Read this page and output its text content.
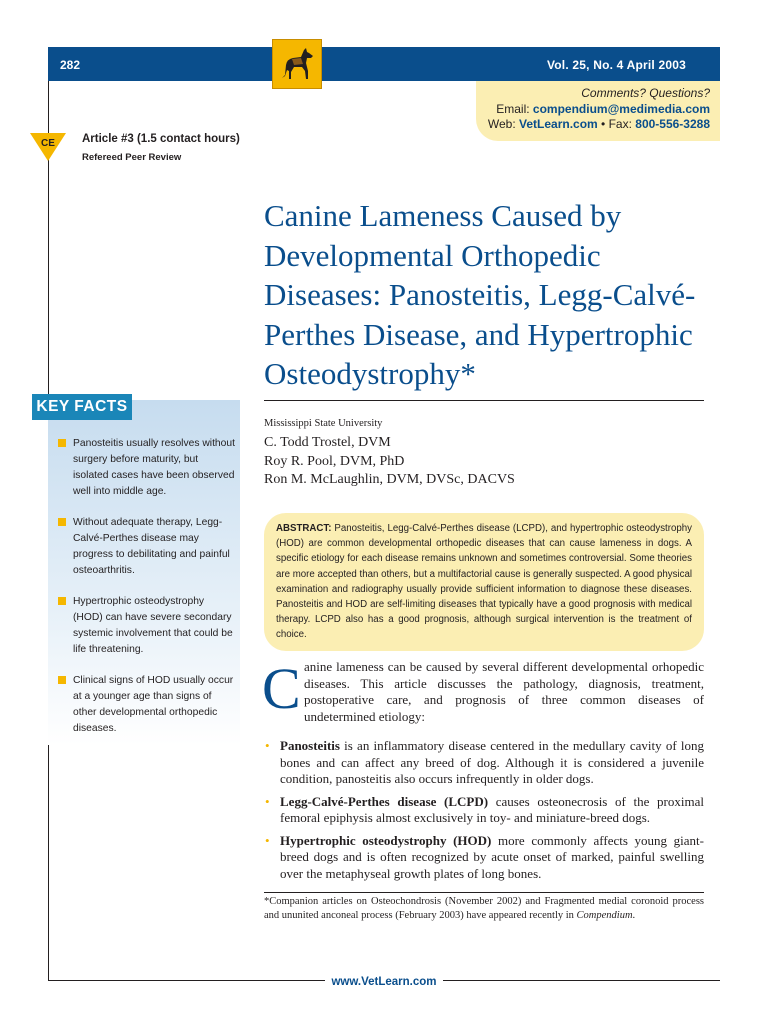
282	Vol. 25, No. 4 April 2003
Comments? Questions?
Email: compendium@medimedia.com
Web: VetLearn.com • Fax: 800-556-3288
CE	Article #3 (1.5 contact hours)
Refereed Peer Review
Canine Lameness Caused by Developmental Orthopedic Diseases: Panosteitis, Legg-Calvé-Perthes Disease, and Hypertrophic Osteodystrophy*
KEY FACTS
Panosteitis usually resolves without surgery before maturity, but isolated cases have been observed well into middle age.
Without adequate therapy, Legg-Calvé-Perthes disease may progress to debilitating and painful osteoarthritis.
Hypertrophic osteodystrophy (HOD) can have severe secondary systemic involvement that could be life threatening.
Clinical signs of HOD usually occur at a younger age than signs of other developmental orthopedic diseases.
Mississippi State University
C. Todd Trostel, DVM
Roy R. Pool, DVM, PhD
Ron M. McLaughlin, DVM, DVSc, DACVS
ABSTRACT: Panosteitis, Legg-Calvé-Perthes disease (LCPD), and hypertrophic osteodystrophy (HOD) are common developmental orthopedic diseases that can cause lameness in dogs. A specific etiology for each disease remains unknown and sometimes controversial. Some theories are more accepted than others, but a multifactorial cause is generally suspected. A good physical examination and radiography usually provide sufficient information to diagnose these diseases. Panosteitis and HOD are self-limiting diseases that typically have a good prognosis with medical therapy. LCPD also has a good prognosis, although surgical intervention is the treatment of choice.
C anine lameness can be caused by several different developmental orhopedic diseases. This article discusses the pathology, diagnosis, treatment, postoperative care, and prognosis of three common diseases of undetermined etiology:
• Panosteitis is an inflammatory disease centered in the medullary cavity of long bones and can affect any breed of dog. Although it is considered a juvenile condition, panosteitis also occurs infrequently in older dogs.
• Legg-Calvé-Perthes disease (LCPD) causes osteonecrosis of the proximal femoral epiphysis almost exclusively in toy- and miniature-breed dogs.
• Hypertrophic osteodystrophy (HOD) more commonly affects young giant-breed dogs and is often recognized by acute onset of marked, painful swelling over the metaphyseal growth plates of long bones.
*Companion articles on Osteochondrosis (November 2002) and Fragmented medial coronoid process and ununited anconeal process (February 2003) have appeared recently in Compendium.
www.VetLearn.com
